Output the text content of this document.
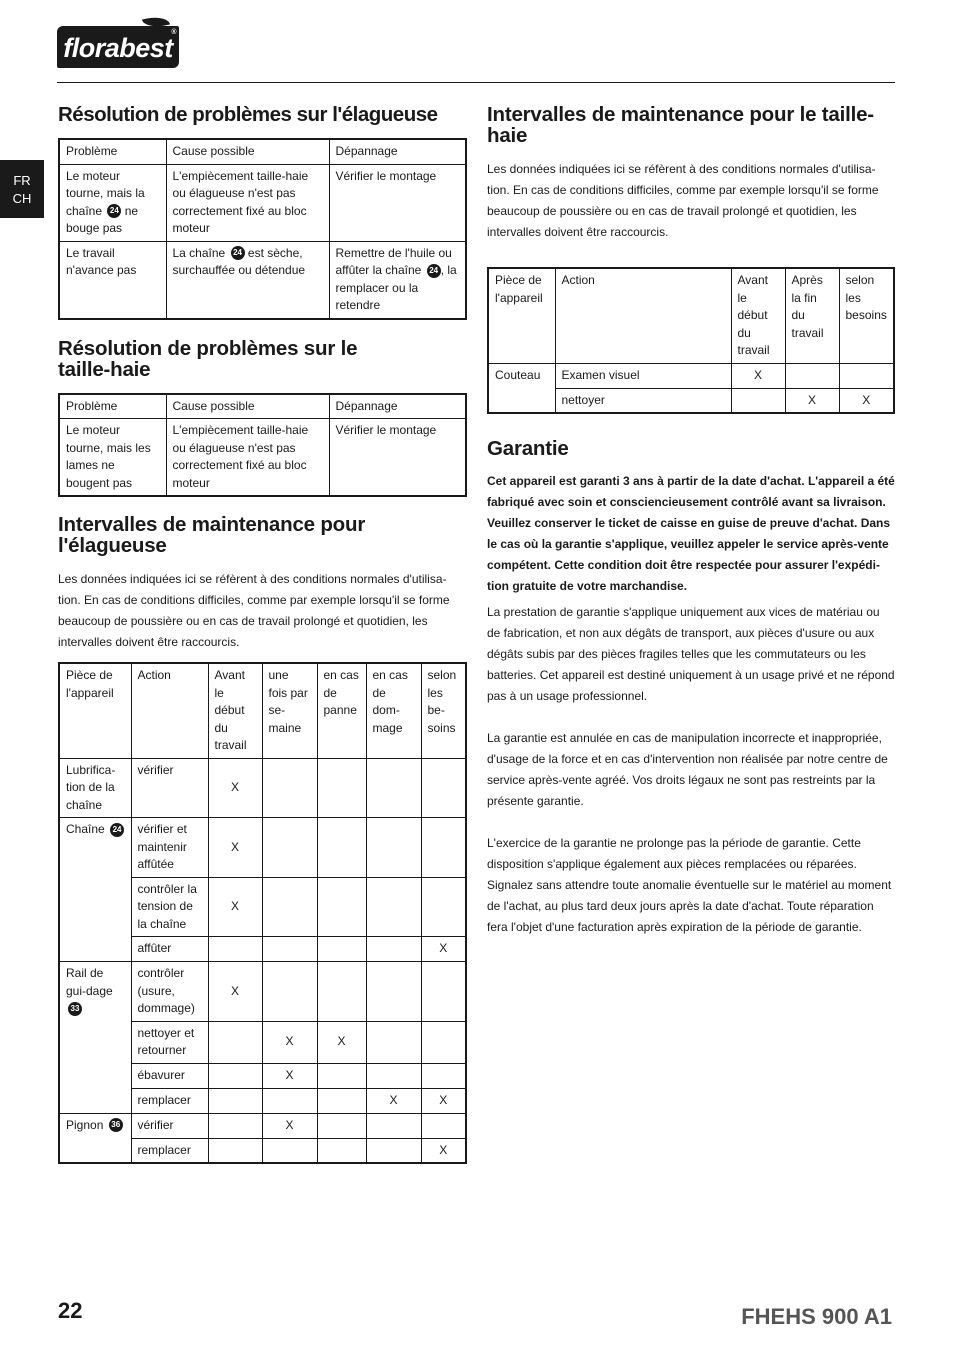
florabest
®
FR
CH
Résolution de problèmes sur l'élagueuse
Problème	Cause possible	Dépannage
Le moteur tourne, mais la chaîne 24 ne bouge pas	L'empiècement taille-haie ou élagueuse n'est pas correctement fixé au bloc moteur	Vérifier le montage
Le travail n'avance pas	La chaîne 24 est sèche, surchauffée ou détendue	Remettre de l'huile ou affûter la chaîne 24 , la remplacer ou la retendre
Résolution de problèmes sur le taille-haie
Problème	Cause possible	Dépannage
Le moteur tourne, mais les lames ne bougent pas	L'empiècement taille-haie ou élagueuse n'est pas correctement fixé au bloc moteur	Vérifier le montage
Intervalles de maintenance pour l'élagueuse

Les données indiquées ici se réfèrent à des conditions normales d'utilisa-tion. En cas de conditions difficiles, comme par exemple lorsqu'il se forme beaucoup de poussière ou en cas de travail prolongé et quotidien, les intervalles doivent être raccourcis.

Pièce de l'appareil	Action	Avant le début du travail	une fois par se-maine	en cas de panne	en cas de dom-mage	selon les be-soins
Lubrifica-tion de la chaîne	vérifier	X				
Chaîne 24	vérifier et maintenir affûtée	X				
	contrôler la tension de la chaîne	X				
	affûter					X
Rail de gui-dage 33	contrôler (usure, dommage)	X				
	nettoyer et retourner		X	X		
	ébavurer		X			
	remplacer				X	X
Pignon 36	vérifier		X			
	remplacer					X
Intervalles de maintenance pour le taille-haie

Les données indiquées ici se réfèrent à des conditions normales d'utilisa-tion. En cas de conditions difficiles, comme par exemple lorsqu'il se forme beaucoup de poussière ou en cas de travail prolongé et quotidien, les intervalles doivent être raccourcis.

Pièce de l'appareil	Action	Avant le début du travail	Après la fin du travail	selon les besoins
Couteau	Examen visuel	X		
	nettoyer		X	X
Garantie

Cet appareil est garanti 3 ans à partir de la date d'achat. L'appareil a été fabriqué avec soin et consciencieusement contrôlé avant sa livraison. Veuillez conserver le ticket de caisse en guise de preuve d'achat. Dans le cas où la garantie s'applique, veuillez appeler le service après-vente compétent. Cette condition doit être respectée pour assurer l'expédi-tion gratuite de votre marchandise.

La prestation de garantie s'applique uniquement aux vices de matériau ou de fabrication, et non aux dégâts de transport, aux pièces d'usure ou aux dégâts subis par des pièces fragiles telles que les commutateurs ou les batteries. Cet appareil est destiné uniquement à un usage privé et ne répond pas à un usage professionnel.

La garantie est annulée en cas de manipulation incorrecte et inappropriée, d'usage de la force et en cas d'intervention non réalisée par notre centre de service après-vente agréé. Vos droits légaux ne sont pas restreints par la présente garantie.

L'exercice de la garantie ne prolonge pas la période de garantie. Cette disposition s'applique également aux pièces remplacées ou réparées. Signalez sans attendre toute anomalie éventuelle sur le matériel au moment de l'achat, au plus tard deux jours après la date d'achat. Toute réparation fera l'objet d'une facturation après expiration de la période de garantie.

22	FHEHS 900 A1
